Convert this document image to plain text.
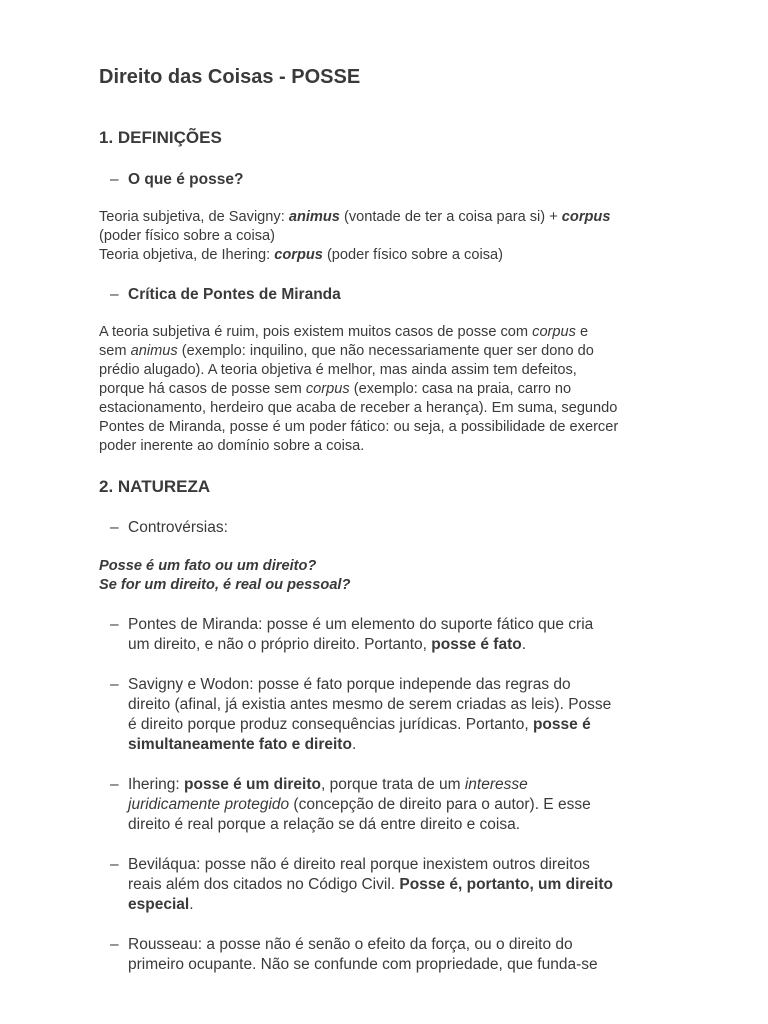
Direito das Coisas - POSSE
1. DEFINIÇÕES
– O que é posse?
Teoria subjetiva, de Savigny: animus (vontade de ter a coisa para si) + corpus
(poder físico sobre a coisa)
Teoria objetiva, de Ihering: corpus (poder físico sobre a coisa)
– Crítica de Pontes de Miranda
A teoria subjetiva é ruim, pois existem muitos casos de posse com corpus e
sem animus (exemplo: inquilino, que não necessariamente quer ser dono do
prédio alugado). A teoria objetiva é melhor, mas ainda assim tem defeitos,
porque há casos de posse sem corpus (exemplo: casa na praia, carro no
estacionamento, herdeiro que acaba de receber a herança). Em suma, segundo
Pontes de Miranda, posse é um poder fático: ou seja, a possibilidade de exercer
poder inerente ao domínio sobre a coisa.
2. NATUREZA
– Controvérsias:
Posse é um fato ou um direito?
Se for um direito, é real ou pessoal?
– Pontes de Miranda: posse é um elemento do suporte fático que cria
um direito, e não o próprio direito. Portanto, posse é fato.
– Savigny e Wodon: posse é fato porque independe das regras do
direito (afinal, já existia antes mesmo de serem criadas as leis). Posse
é direito porque produz consequências jurídicas. Portanto, posse é
simultaneamente fato e direito.
– Ihering: posse é um direito, porque trata de um interesse
juridicamente protegido (concepção de direito para o autor). E esse
direito é real porque a relação se dá entre direito e coisa.
– Beviláqua: posse não é direito real porque inexistem outros direitos
reais além dos citados no Código Civil. Posse é, portanto, um direito
especial.
– Rousseau: a posse não é senão o efeito da força, ou o direito do
primeiro ocupante. Não se confunde com propriedade, que funda-se
